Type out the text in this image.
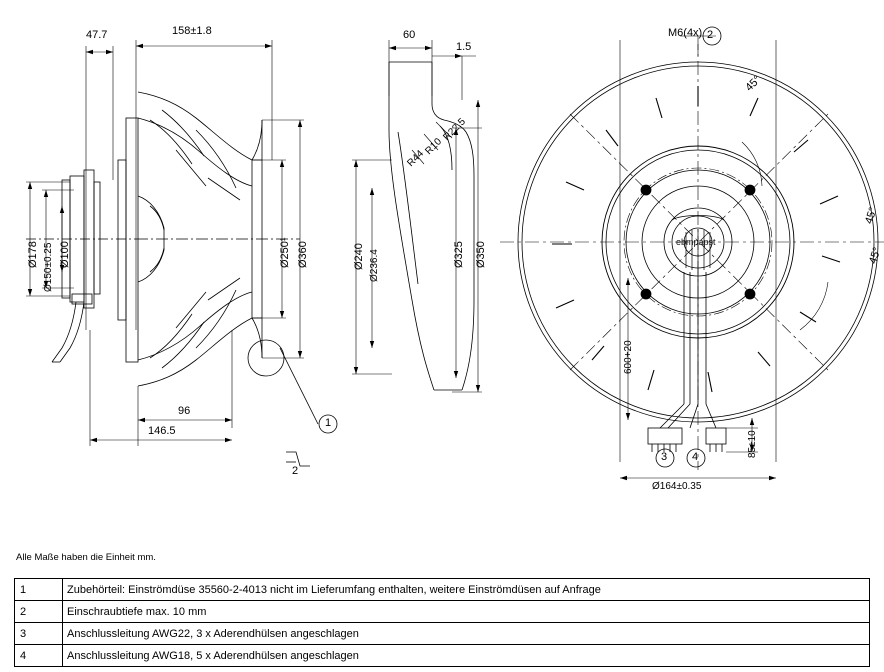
47.7	158±1.8
Ø178 Ø150±0.25 Ø100	Ø250¹ Ø360
96
146.5
2
1
60
1.5
R22.5
R10
R44
Ø240 Ø236.4	Ø325 Ø350
M6(4x) 2
45°
45°
45°
600+20
85±10
Ø164±0.35
3 4
ebmpapst
Alle Maße haben die Einheit mm.
1	Zubehörteil: Einströmdüse 35560-2-4013 nicht im Lieferumfang enthalten, weitere Einströmdüsen auf Anfrage
2	Einschraubtiefe max. 10 mm
3	Anschlussleitung AWG22, 3 x Aderendhülsen angeschlagen
4	Anschlussleitung AWG18, 5 x Aderendhülsen angeschlagen
